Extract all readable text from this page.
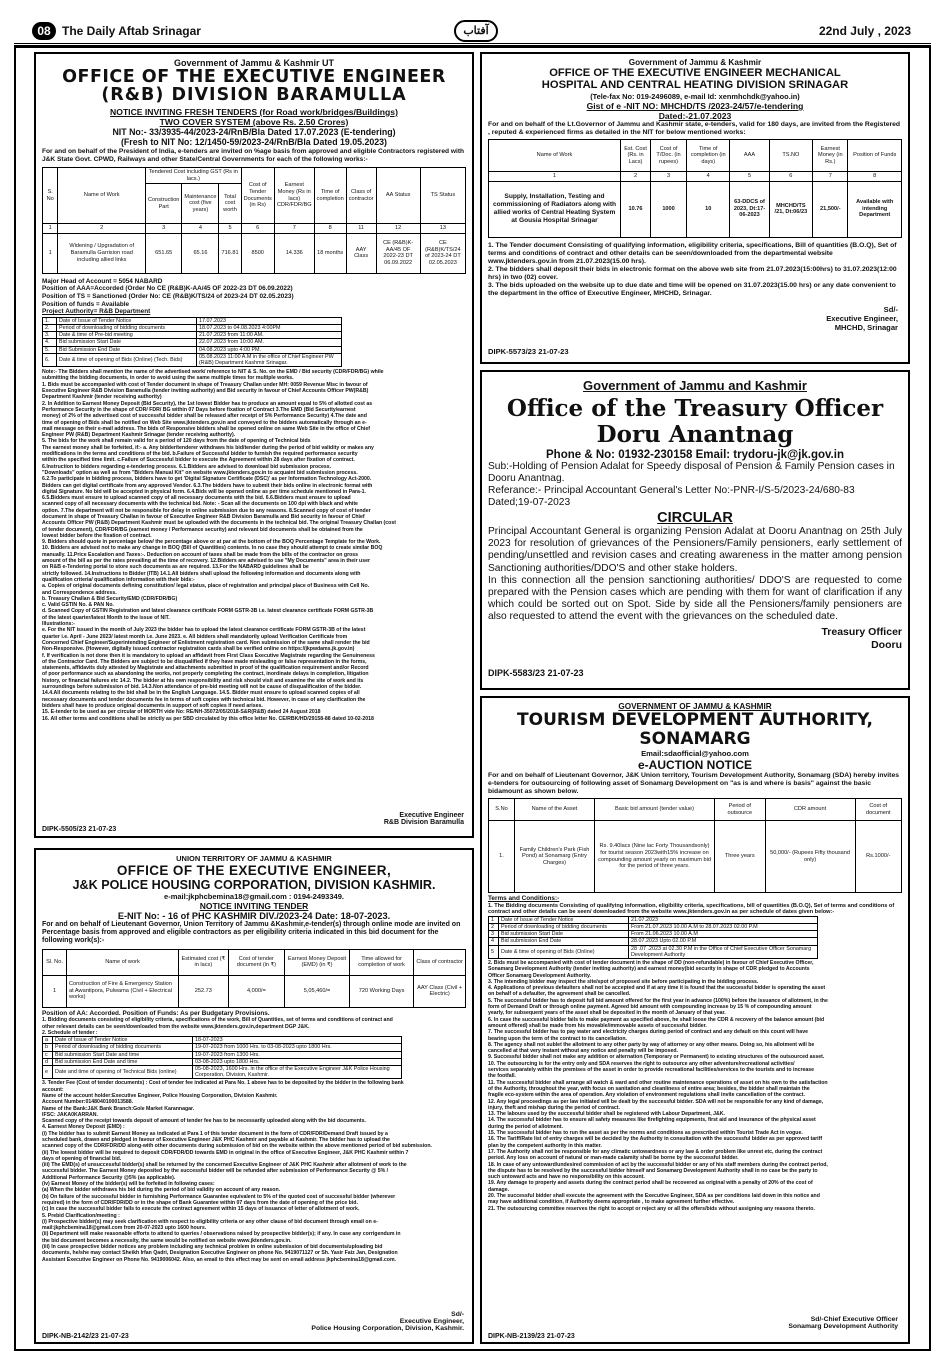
08 The Daily Aftab Srinagar	آفتاب	22nd July , 2023
Government of Jammu & Kashmir UT
OFFICE OF THE EXECUTIVE ENGINEER
(R&B) DIVISION BARAMULLA
NOTICE INVITING FRESH TENDERS (for Road work/bridges/Buildings)
TWO COVER SYSTEM (above Rs. 2.50 Crores)
NIT No:- 33/3935-44/2023-24/RnB/Bla Dated 17.07.2023 (E-tendering)
(Fresh to NIT No: 12/1450-59/2023-24/RnB/Bla Dated 19.05.2023)
For and on behalf of the President of India, e-tenders are invited on %age basis from approved and eligible Contractors registered with J&K State Govt. CPWD, Railways and other State/Central Governments for each of the following works:-
S. No	Name of Work	Tendered Cost including GST (Rs in lacs.)			Cost of Tender Documents (in Rs)	Earnest Money (Rs in lacs) CDR/FDR/BG	Time of completion	Class of contractor	AA Status	TS Status
		Construction Part	Maintenance cost (five years)	Total cost worth						
1	2	3	4	5	6	7	8	11	12	13
1	Widening / Upgradation of Baramulla Garrision road including allied links	651.65	65.16	716.81	8500	14.336	18 months	AAY Class	CE (R&B)K-AA/45 OF 2022-23 DT 06.09.2022	CE (R&B)K/TS/24 of 2023-24 DT 02.05.2023
Major Head of Account = 5054 NABARD
Position of AAA=Accorded (Order No CE (R&B)K-AA/45 OF 2022-23 DT 06.09.2022)
Position of TS = Sanctioned (Order No: CE (R&B)K/TS/24 of 2023-24 DT 02.05.2023)
Position of funds = Available
Project Authority= R&B Department
1.	Date of Issue of Tender Notice	17.07.2023
2.	Period of downloading of bidding documents	18.07.2023 to 04.08.2023 4:00PM
3.	Date & time of Pre-bid meeting	21.07.2023 from 11:00 AM.
4.	Bid submission Start Date	22.07.2023 from 10:00 AM.
5.	Bid Submission End Date	04.08.2023 upto 4:00 PM.
6.	Date & time of opening of Bids (Online) (Tech. Bids)	05.08.2023 11:00 A.M in the office of Chief Engineer PW (R&B) Department Kashmir Srinagar.
Note:- The Bidders shall mention the name of the advertised work/ reference to NIT & S. No. on the EMD / Bid security (CDR/FDR/BG) while
submitting the bidding documents, in order to avoid using the same multiple times for multiple works.
1. Bids must be accompanied with cost of Tender document in shape of Treasury Challan under MH: 0059 Revenue Misc in favour of
Executive Engineer R&B Division Baramulla (tender inviting authority) and Bid security in favour of Chief Accounts Officer PW(R&B)
Department Kashmir (tender receiving authority)
2. In Addition to Earnest Money Deposit (Bid Security), the 1st lowest Bidder has to produce an amount equal to 5% of allotted cost as
Performance Security in the shape of CDR/ FDR/ BG within 07 Days before fixation of Contract 3.The EMD (Bid Security/earnest
money) of 2% of the advertised cost of successful bidder shall be released after receipt of 5% Performance Security) 4.The date and
time of opening of Bids shall be notified on Web Site www.jktenders.gov.in and conveyed to the bidders automatically through an e-
mail message on their e-mail address. The bids of Responsive bidders shall be opened online on same Web Site in the office of Chief
Engineer PW (R&B) Department Kashmir Srinagar (tender receiving authority).
5. The bids for the work shall remain valid for a period of 120 days from the date of opening of Technical bids
The earnest money shall be forfeited, if:- a. Any bidder/tenderer withdraws his bid/tender during the period of bid validity or makes any
modifications in the terms and conditions of the bid. b.Failure of Successful bidder to furnish the required performance security
within the specified time limit. c.Failure of Successful bidder to execute the Agreement within 28 days after fixation of contract.
6.Instruction to bidders regarding e-tendering process. 6.1.Bidders are advised to download bid submission process.
"Downloads" option as well as from "Bidders Manual Kit" on website www.jktenders.gov.in to acquaint bid submission process.
6.2.To participate in bidding process, bidders have to get 'Digital Signature Certificate (DSC)' as per Information Technology Act-2000.
Bidders can get digital certificate from any approved Vendor. 6.3.The bidders have to submit their bids online in electronic format with
digital Signature. No bid will be accepted in physical form. 6.4.Bids will be opened online as per time schedule mentioned in Para-1.
6.5.Bidders must ensure to upload scanned copy of all necessary documents with the bid. 6.6.Bidders must ensure to upload
scanned copy of all necessary documents with the technical bid. Note: - Scan all the documents on 100 dpi with black and white
option. 7.The department will not be responsible for delay in online submission due to any reasons. 8.Scanned copy of cost of tender
document in shape of Treasury Challan in favour of Executive Engineer R&B Division Baramulla and Bid security in favour of Chief
Accounts Officer PW (R&B) Department Kashmir must be uploaded with the documents in the technical bid. The original Treasury Challan (cost
of tender document), CDR/FDR/BG (earnest money / Performance security) and relevant bid documents shall be obtained from the
lowest bidder before the fixation of contract.
9. Bidders should quote in percentage below/ the percentage above or at par at the bottom of the BOQ Percentage Template for the Work.
10. Bidders are advised not to make any change in BOQ (Bill of Quantities) contents. In no case they should attempt to create similar BOQ
manually. 11.Price Escalation and Taxes:-. Deduction on account of taxes shall be made from the bills of the contractor on gross
amount of the bill as per the rates prevailing at the time of recovery. 12.Bidders are advised to use "My Documents" area in their user
on R&B e-Tendering portal to store such documents as are required. 13.For the NABARD guidelines shall be
strictly followed. 14.Instructions to Bidder (ITB) 14.1.All bidders shall upload the following information and documents along with
qualification criteria/ qualification information with their bids:-
a. Copies of original documents defining constitution/ legal status, place of registration and principal place of Business with Cell No.
and Correspondence address.
b. Treasury Challan & Bid Security/EMD (CDR/FDR/BG)
c. Valid GSTIN No. & PAN No.
d. Scanned Copy of GSTIN Registration and latest clearance certificate FORM GSTR-3B i.e. latest clearance certificate FORM GSTR-3B
of the latest quarter/latest Month to the issue of NIT.
Illustrations:-
e. For the NIT issued in the month of July 2023 the bidder has to upload the latest clearance certificate FORM GSTR-3B of the latest
quarter i.e. April - June 2023/ latest month i.e. June 2023. e. All bidders shall mandatorily upload Verification Certificate from
Concerned Chief Engineer/Superintending Engineer of Enlistment registration card. Non submission of the same shall render the bid
Non-Responsive. (However, digitally issued contractor registration cards shall be verified online on https://jkpwdams.jk.gov.in)
f. If verification is not done then it is mandatory to upload an affidavit from First Class Executive Magistrate regarding the Genuineness
of the Contractor Card. The Bidders are subject to be disqualified if they have made misleading or false representation in the forms,
statements, affidavits duly attested by Magistrate and attachments submitted in proof of the qualification requirement and/or Record
of poor performance such as abandoning the works, not properly completing the contract, inordinate delays in completion, litigation
history, or financial failures etc 14.2. The bidder at his own responsibility and risk should visit and examine the site of work and its
surroundings before submission of bid. 14.3.Non attendance of pre-bid meeting will not be cause of disqualification of the bidder.
14.4.All documents relating to the bid shall be in the English Language. 14.5. Bidder must ensure to upload scanned copies of all
necessary documents and tender documents fee in terms of soft copies with technical bid. However, in case of any clarification the
bidders shall have to produce original documents in support of soft copies if need arises.
15. E-tender to be used as per circular of MORTH vide No: RE/NH-35072/05/2018-S&R(R&B) dated 24 August 2018
16. All other terms and conditions shall be strictly as per SBD circulated by this office letter No. CE/RBK/HD/29158-88 dated 10-02-2018
DIPK-5505/23 21-07-23
Executive Engineer
R&B Division Baramulla
UNION TERRITORY OF JAMMU & KASHMIR
OFFICE OF THE EXECUTIVE ENGINEER,
J&K POLICE HOUSING CORPORATION, DIVISION KASHMIR.
e-mail:jkphcbemina18@gmail.com : 0194-2493349.
NOTICE INVITING TENDER
E-NIT No: - 16 of PHC KASHMIR DIV./2023-24 Date: 18-07-2023.
For and on behalf of Lieutenant Governor, Union Territory of Jammu &Kashmir,e-tender(s) through online mode are invited on Percentage basis from approved and eligible contractors as per eligibility criteria indicated in this bid document for the following work(s):-
Sl. No.	Name of work	Estimated cost (₹ in lacs)	Cost of tender document (in ₹)	Earnest Money Deposit (EMD) (in ₹)	Time allowed for completion of work	Class of contractor
1	Construction of Fire & Emergency Station at Awantipora, Pulwama (Civil + Electrical works)	252.73	4,000/=	5,05,460/=	720 Working Days	AAY Class (Civil + Electric)
Position of AA: Accorded. Position of Funds: As per Budgetary Provisions.
1. Bidding documents consisting of eligibility criteria, specifications of the work, Bill of Quantities, set of terms and conditions of contract and
other relevant details can be seen/downloaded from the website www.jktenders.gov.in,department DGP J&K.
2. Schedule of tender :
a	Date of Issue of Tender Notice	18-07-2023
b	Period of downloading of bidding documents	19-07-2023 from 1000 Hrs. to 03-08-2023 upto 1800 Hrs.
c	Bid submission Start Date and time	19-07-2023 from 1300 Hrs.
d	Bid submission End Date and time	03-08-2023 upto 1800 Hrs.
e	Date and time of opening of Technical Bids (online)	05-08-2023, 1600 Hrs. in the office of the Executive Engineer J&K Police Housing Corporation, Division, Kashmir.
3. Tender Fee (Cost of tender documents) : Cost of tender fee indicated at Para No. 1 above has to be deposited by the bidder in the following bank
account:
Name of the account holder:Executive Engineer, Police Housing Corporation, Division Kashmir.
Account Number:0148040100013588.
Name of the Bank:J&K Bank Branch:Gole Market Karannagar.
IFSC: JAKA0KARRAN.
Scanned copy of the receipt towards deposit of amount of tender fee has to be necessarily uploaded along with the bid documents.
4. Earnest Money Deposit (EMD) :
(i) The bidder has to submit Earnest Money as indicated at Para 1 of this tender document in the form of CDR/FDR/Demand Draft issued by a
scheduled bank, drawn and pledged in favour of Executive Engineer J&K PHC Kashmir and payable at Kashmir. The bidder has to upload the
scanned copy of the CDR/FDR/DD along-with other documents during submission of bid on the website within the above mentioned period of bid submission.
(ii) The lowest bidder will be required to deposit CDR/FDR/DD towards EMD in original in the office of Executive Engineer, J&K PHC Kashmir within 7
days of opening of financial bid.
(iii) The EMD(s) of unsuccessful bidder(s) shall be returned by the concerned Executive Engineer of J&K PHC Kashmir after allotment of work to the
successful bidder. The Earnest Money deposited by the successful bidder will be refunded after submission of Performance Security @ 5% /
Additional Performance Security @5% (as applicable).
(iv) Earnest Money of the bidder(s) will be forfeited in following cases:
(a) When the bidder withdraws his bid during the period of bid validity on account of any reason.
(b) On failure of the successful bidder in furnishing Performance Guarantee equivalent to 5% of the quoted cost of successful bidder (wherever
required) in the form of CDR/FDR/DD or in the shape of Bank Guarantee within 07 days from the date of opening of the price bid.
(c) In case the successful bidder fails to execute the contract agreement within 15 days of issuance of letter of allotment of work.
5. Prebid Clarification/meeting :
(i) Prospective bidder(s) may seek clarification with respect to eligibility criteria or any other clause of bid document through email on e-
mail:jkphcbemina18@gmail.com from 20-07-2023 upto 1600 hours.
(ii) Department will make reasonable efforts to attend to queries / observations raised by prospective bidder(s); if any. In case any corrigendum in
the bid document becomes a necessity, the same would be notified on website www.jktenders.gov.in.
(iii) In case prospective bidder notices any problem including any technical problem in online submission of bid documents/uploading bid
documents, he/she may contact Sheikh Irfan Qadri, Designation Executive Engineer on phone No. 9419071127 or Sh. Yasir Faiz Jan, Designation
Assistant Executive Engineer on Phone No. 9419006042. Also, an email to this effect may be sent on email address jkphcbemina18@gmail.com.
Sd/-
Executive Engineer,
Police Housing Corporation, Division, Kashmir.
DIPK-NB-2142/23 21-07-23
Government of Jammu & Kashmir
OFFICE OF THE EXECUTIVE ENGINEER MECHANICAL
HOSPITAL AND CENTRAL HEATING DIVISION SRINAGAR
(Tele-fax No: 019-2496089, e-mail Id: xenmhchdk@yahoo.in)
Gist of e -NIT NO: MHCHD/TS /2023-24/57/e-tendering
Dated:-21.07.2023
For and on behalf of the Lt.Governor of Jammu and Kashmir state, e-tenders, valid for 180 days, are invited from the Registered , reputed & experienced firms as detailed in the NIT for below mentioned works:
Name of Work	Est. Cost (Rs. in Lacs)	Cost of T/Doc. (in rupees)	Time of completion (in days)	AAA	TS.NO	Earnest Money (in Rs.)	Position of Funds
1	2	3	4	5	6	7	8
Supply, Installation, Testing and commissioning of Radiators along with allied works of Central Heating System at Gousia Hospital Srinagar	10.76	1000	10	63-DDCS of 2023, Dt:17-06-2023	MHCHD/TS /21, Dt:06/23	21,500/-	Available with intending Department

1. The Tender document Consisting of qualifying information, eligibility criteria, specifications, Bill of quantities (B.O.Q), Set of terms and conditions of contract and other details can be seen/downloaded from the departmental website www.jktenders.gov.in from 21.07.2023(15.00 hrs).

2. The bidders shall deposit their bids in electronic format on the above web site from 21.07.2023(15:00hrs) to 31.07.2023(12:00 hrs) in two (02) cover.

3. The bids uploaded on the website up to due date and time will be opened on 31.07.2023(15.00 hrs) or any date convenient to the department in the office of Executive Engineer, MHCHD, Srinagar.

Sd/-
Executive Engineer,
MHCHD, Srinagar
DIPK-5573/23 21-07-23
Government of Jammu and Kashmir
Office of the Treasury Officer
Doru Anantnag
Phone & No: 01932-230158 Email: trydoru-jk@jk.gov.in
Sub:-Holding of Pension Adalat for Speedy disposal of Pension & Family Pension cases in Dooru Anantnag.
Referance:- Principal Accountant General's Letter No:-PNR-I/S-5/2023-24/680-83 Dated;19-07-2023
CIRCULAR
Principal Accountant General is organizing Pension Adalat at Dooru Anantnag on 25th July 2023 for resolution of grievances of the Pensioners/Family pensioners, early settlement of pending/unsettled and revision cases and creating awareness in the matter among pension Sanctioning authorities/DDO'S and other stake holders.
In this connection all the pension sanctioning authorities/ DDO'S are requested to come prepared with the Pension cases which are pending with them for want of clarification if any which could be sorted out on Spot. Side by side all the Pensioners/family pensioners are also requested to attend the event with the grievances on the scheduled date.
Treasury Officer
Dooru
DIPK-5583/23 21-07-23
GOVERNMENT OF JAMMU & KASHMIR
TOURISM DEVELOPMENT AUTHORITY,
SONAMARG
Email:sdaofficial@yahoo.com
e-AUCTION NOTICE
For and on behalf of Lieutenant Governor, J&K Union territory, Tourism Development Authority, Sonamarg (SDA) hereby invites e-tenders for outsourcing of following asset of Sonamarg Development on "as is and where is basis" against the basic bidamount as shown below.
S.No	Name of the Asset	Basic bid amount (tender value)	Period of outsource	CDR amount	Cost of document
1.	Family Children's Park (Fish Pond) at Sonamarg (Entry Charges)	Rs. 9.40lacs (Nine lac Forty Thousandsonly) for tourist season 2023with15% increase on compounding amount yearly on maximum bid for the period of three years.	Three years	50,000/- (Rupees Fifty thousand only)	Rs.1000/-
Terms and Conditions:-
1. The Bidding documents Consisting of qualifying information, eligibility criteria, specifications, bill of quantities (B.O.Q), Set of terms and conditions of contract and other details can be seen/ downloaded from the website www.jktenders.gov.in as per schedule of dates given below:-
1	Date of Issue of Tender Notice	21.07.2023
2	Period of downloading of bidding documents	From 21.07.2023 10.00 A.M to 28.07.2023 02.00 P.M
3	Bid submission Start Date	From 21.06.2023 10.00 A.M
4	Bid submission End Date	28.07.2023 Upto 02.00 P.M
5	Date & time of opening of Bids (Online)	28 .07 .2023 at 02.30 P.M in the Office of Chief Executive Officer Sonamarg Development Authority
2. Bids must be accompanied with cost of tender document in the shape of DD (non-refundable) in favour of Chief Executive Officer,
Sonamarg Development Authority (tender inviting authority) and earnest money(bid security in shape of CDR pledged to Accounts
Officer Sonamarg Development Authority.
3. The intending bidder may inspect the site/spot of proposed site before participating in the bidding process.
4. Applications of previous defaulters shall not be accepted and if at any time it is found that the successful bidder is operating the asset
on behalf of a defaulter, the agreement shall be cancelled.
5. The successful bidder has to deposit full bid amount offered for the first year in advance (100%) before the issuance of allotment, in the
form of Demand Draft or through online payment. Agreed bid amount with compounding increase by 15 % of compounding amount
yearly, for subsequent years of the asset shall be deposited in the month of January of that year.
6. In case the successful bidder fails to make payment as specified above, he shall loose the CDR & recovery of the balance amount (bid
amount offered) shall be made from his movable/immovable assets of successful bidder.
7. The successful bidder has to pay water and electricity charges during period of contract and any default on this count will have
bearing upon the term of the contract to its cancellation.
8. The agency shall not sublet the allotment to any other party by way of attorney or any other means. Doing so, his allotment will be
cancelled at that very instant without any notice and penalty will be imposed.
9. Successful bidder shall not make any addition or alternation (Temporary or Permanent) to existing structures of the outsourced asset.
10. The outsourcing is for the entry only and SDA reserves the right to outsource any other adventure/recreational activities/
services separately within the premises of the asset in order to provide recreational facilities/services to the tourists and to increase
the footfall.
11. The successful bidder shall arrange all watch & ward and other routine maintenance operations of asset on his own to the satisfaction
of the Authority, throughout the year, with focus on sanitation and cleanliness of entire area; besides, the bidder shall maintain the
fragile eco-system within the area of operation. Any violation of environment regulations shall invite cancellation of the contract.
12. Any legal proceedings as per law initiated will be dealt by the successful bidder. SDA will not be responsible for any kind of damage,
injury, theft and mishap during the period of contract.
13. The labours used by the successful bidder shall be registered with Labour Department, J&K.
14. The successful bidder has to ensure all safety measures like firefighting equipments, first aid and insurance of the physical asset
during the period of allotment.
15. The successful bidder has to run the asset as per the norms and conditions as prescribed within Tourist Trade Act in vogue.
16. The Tariff/Rate list of entry charges will be decided by the Authority in consultation with the successful bidder as per approved tariff
plan by the competent authority in this matter.
17. The Authority shall not be responsible for any climatic untowardness or any law & order problem like unrest etc, during the contract
period. Any loss on account of natural or man-made calamity shall be borne by the successful bidder.
18. In case of any untoward/undesired commission of act by the successful bidder or any of his staff members during the contract period,
the dispute has to be resolved by the successful bidder himself and Sonamarg Development Authority shall in no case be the party to
such untoward acts and have no responsibility on this account.
19. Any damage to property and assets during the contract period shall be recovered as original with a penalty of 20% of the cost of
damage.
20. The successful bidder shall execute the agreement with the Executive Engineer, SDA as per conditions laid down in this notice and
may have additional condition, if Authority deems appropriate , to make agreement further effective.
21. The outsourcing committee reserves the right to accept or reject any or all the offers/bids without assigning any reasons thereto.
Sd/-Chief Executive Officer
Sonamarg Development Authority
DIPK-NB-2139/23 21-07-23
